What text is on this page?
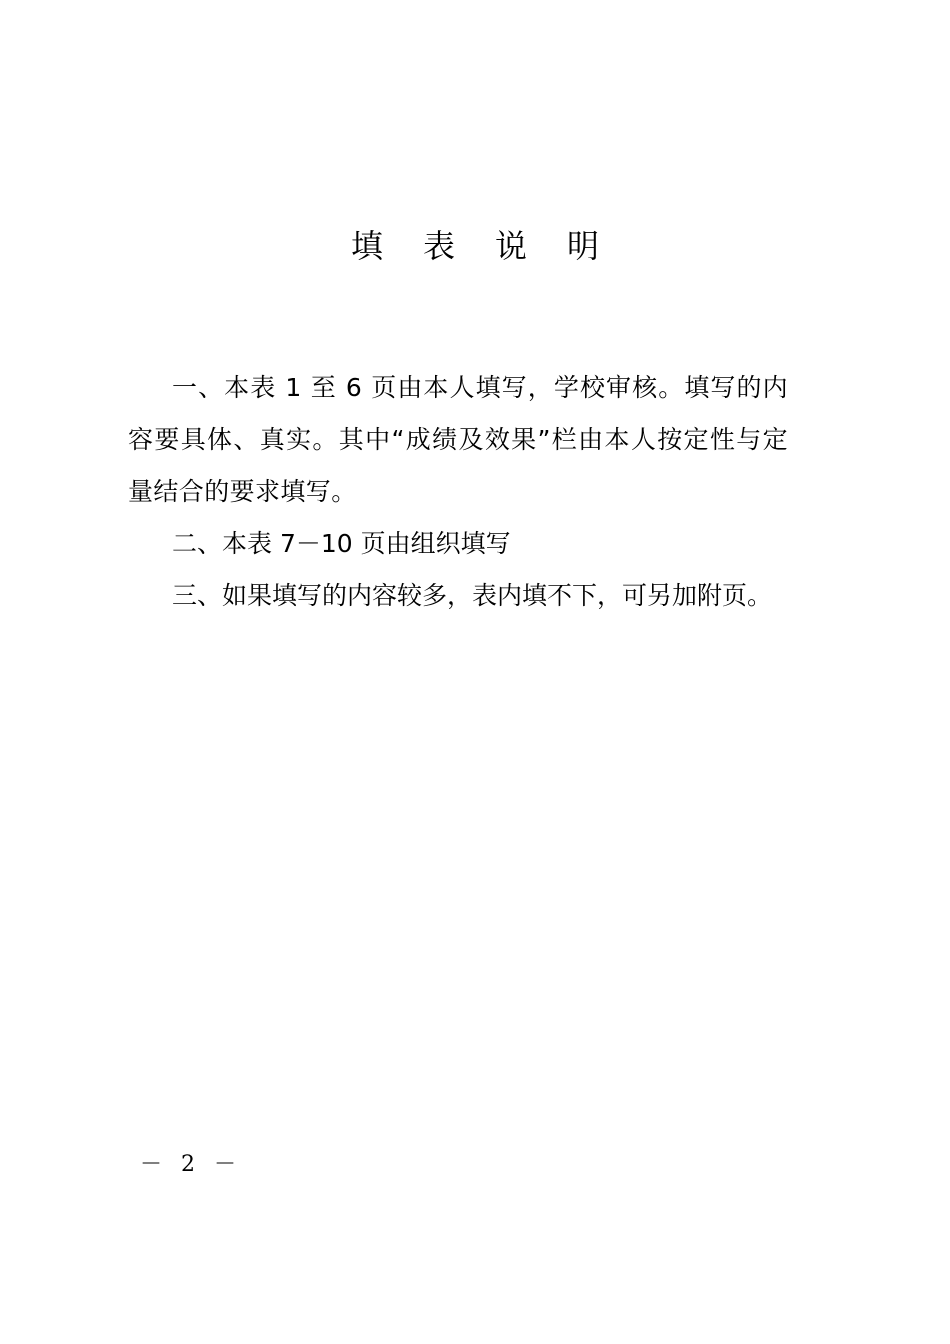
填表说明

一、本表 1 至 6 页由本人填写，学校审核。填写的内容要具体、真实。其中“成绩及效果”栏由本人按定性与定量结合的要求填写。

二、本表 7－10 页由组织填写

三、如果填写的内容较多，表内填不下，可另加附页。

－ 2 －
